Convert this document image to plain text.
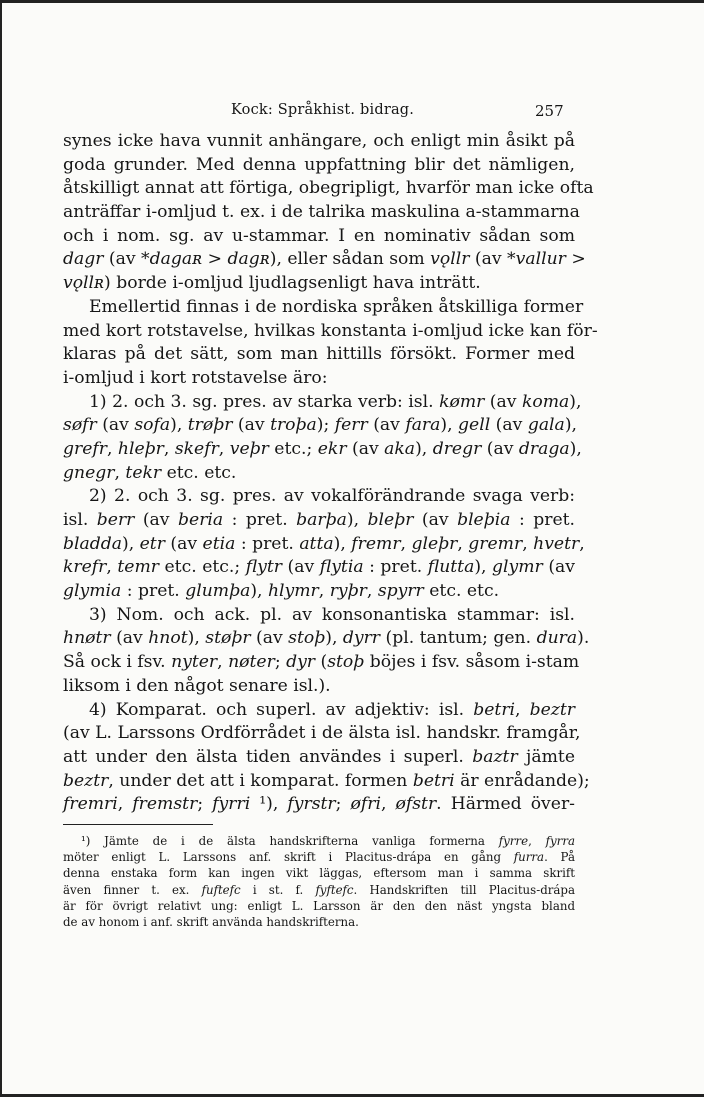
Kock: Språkhist. bidrag.	257
synes icke hava vunnit anhängare, och enligt min åsikt på
goda grunder. Med denna uppfattning blir det nämligen,
åtskilligt annat att förtiga, obegripligt, hvarför man icke ofta
anträffar i-omljud t. ex. i de talrika maskulina a-stammarna
och i nom. sg. av u-stammar. I en nominativ sådan som
dagr (av *dagaʀ > dagʀ), eller sådan som vǫllr (av *vallur >
vǫllʀ) borde i-omljud ljudlagsenligt hava inträtt.
Emellertid finnas i de nordiska språken åtskilliga former
med kort rotstavelse, hvilkas konstanta i-omljud icke kan för-
klaras på det sätt, som man hittills försökt. Former med
i-omljud i kort rotstavelse äro:
1) 2. och 3. sg. pres. av starka verb: isl. kømr (av koma),
søfr (av sofa), trøþr (av troþa); ferr (av fara), gell (av gala),
grefr, hleþr, skefr, veþr etc.; ekr (av aka), dregr (av draga),
gnegr, tekr etc. etc.
2) 2. och 3. sg. pres. av vokalförändrande svaga verb:
isl. berr (av beria : pret. barþa), bleþr (av bleþia : pret.
bladda), etr (av etia : pret. atta), fremr, gleþr, gremr, hvetr,
krefr, temr etc. etc.; flytr (av flytia : pret. flutta), glymr (av
glymia : pret. glumþa), hlymr, ryþr, spyrr etc. etc.
3) Nom. och ack. pl. av konsonantiska stammar: isl.
hnøtr (av hnot), støþr (av stoþ), dyrr (pl. tantum; gen. dura).
Så ock i fsv. nyter, nøter; dyr (stoþ böjes i fsv. såsom i-stam
liksom i den något senare isl.).
4) Komparat. och superl. av adjektiv: isl. betri, beztr
(av L. Larssons Ordförrådet i de älsta isl. handskr. framgår,
att under den älsta tiden användes i superl. baztr jämte
beztr, under det att i komparat. formen betri är enrådande);
fremri, fremstr; fyrri ¹), fyrstr; øfri, øfstr. Härmed över-
¹) Jämte de i de älsta handskrifterna vanliga formerna fyrre, fyrra
möter enligt L. Larssons anf. skrift i Placitus-drápa en gång furra. På
denna enstaka form kan ingen vikt läggas, eftersom man i samma skrift
även finner t. ex. fuftefc i st. f. fyftefc. Handskriften till Placitus-drápa
är för övrigt relativt ung: enligt L. Larsson är den den näst yngsta bland
de av honom i anf. skrift använda handskrifterna.
